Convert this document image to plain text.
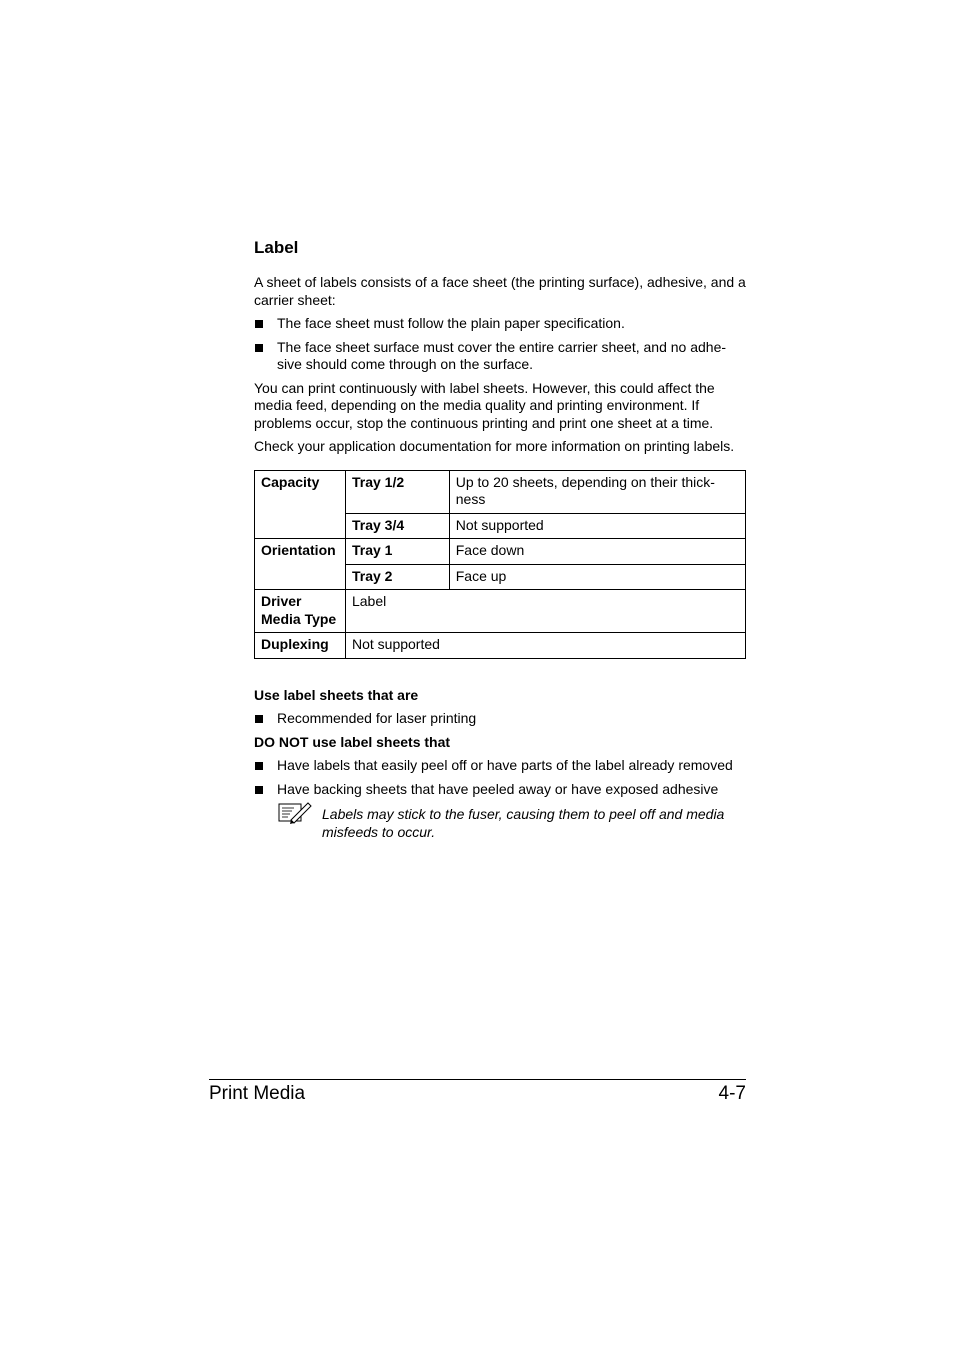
Label

A sheet of labels consists of a face sheet (the printing surface), adhesive, and a carrier sheet:

The face sheet must follow the plain paper specification.
The face sheet surface must cover the entire carrier sheet, and no adhe- sive should come through on the surface.

You can print continuously with label sheets. However, this could affect the media feed, depending on the media quality and printing environment. If problems occur, stop the continuous printing and print one sheet at a time.

Check your application documentation for more information on printing labels.

Capacity	Tray 1/2	Up to 20 sheets, depending on their thick- ness
	Tray 3/4	Not supported
Orientation	Tray 1	Face down
	Tray 2	Face up
Driver
Media Type	Label	
Duplexing	Not supported	
Use label sheets that are
Recommended for laser printing
DO NOT use label sheets that
Have labels that easily peel off or have parts of the label already removed
Have backing sheets that have peeled away or have exposed adhesive

Labels may stick to the fuser, causing them to peel off and media misfeeds to occur.

Print Media	4-7
